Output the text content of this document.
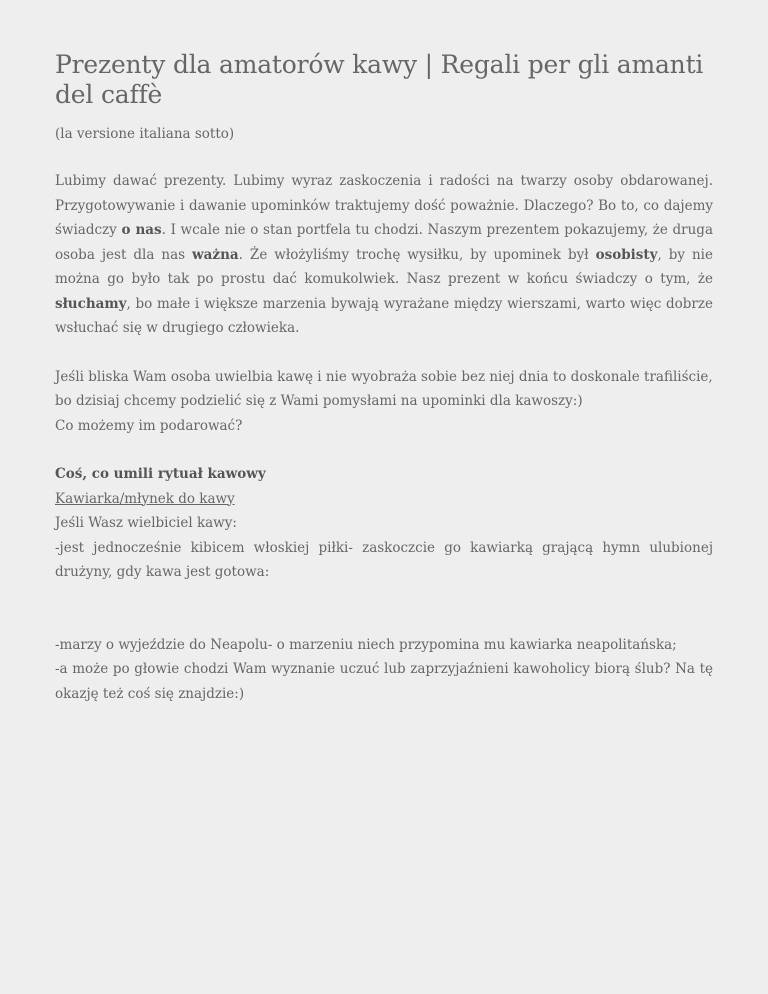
Prezenty dla amatorów kawy | Regali per gli amanti del caffè
(la versione italiana sotto)

Lubimy dawać prezenty. Lubimy wyraz zaskoczenia i radości na twarzy osoby obdarowanej. Przygotowywanie i dawanie upominków traktujemy dość poważnie. Dlaczego? Bo to, co dajemy świadczy o nas. I wcale nie o stan portfela tu chodzi. Naszym prezentem pokazujemy, że druga osoba jest dla nas ważna. Że włożyliśmy trochę wysiłku, by upominek był osobisty, by nie można go było tak po prostu dać komukolwiek. Nasz prezent w końcu świadczy o tym, że słuchamy, bo małe i większe marzenia bywają wyrażane między wierszami, warto więc dobrze wsłuchać się w drugiego człowieka.

Jeśli bliska Wam osoba uwielbia kawę i nie wyobraża sobie bez niej dnia to doskonale trafiliście, bo dzisiaj chcemy podzielić się z Wami pomysłami na upominki dla kawoszy:)

Co możemy im podarować?

Coś, co umili rytuał kawowy

Kawiarka/młynek do kawy

Jeśli Wasz wielbiciel kawy:

-jest jednocześnie kibicem włoskiej piłki- zaskoczcie go kawiarką grającą hymn ulubionej drużyny, gdy kawa jest gotowa:

-marzy o wyjeździe do Neapolu- o marzeniu niech przypomina mu kawiarka neapolitańska;

-a może po głowie chodzi Wam wyznanie uczuć lub zaprzyjaźnieni kawoholicy biorą ślub? Na tę okazję też coś się znajdzie:)
